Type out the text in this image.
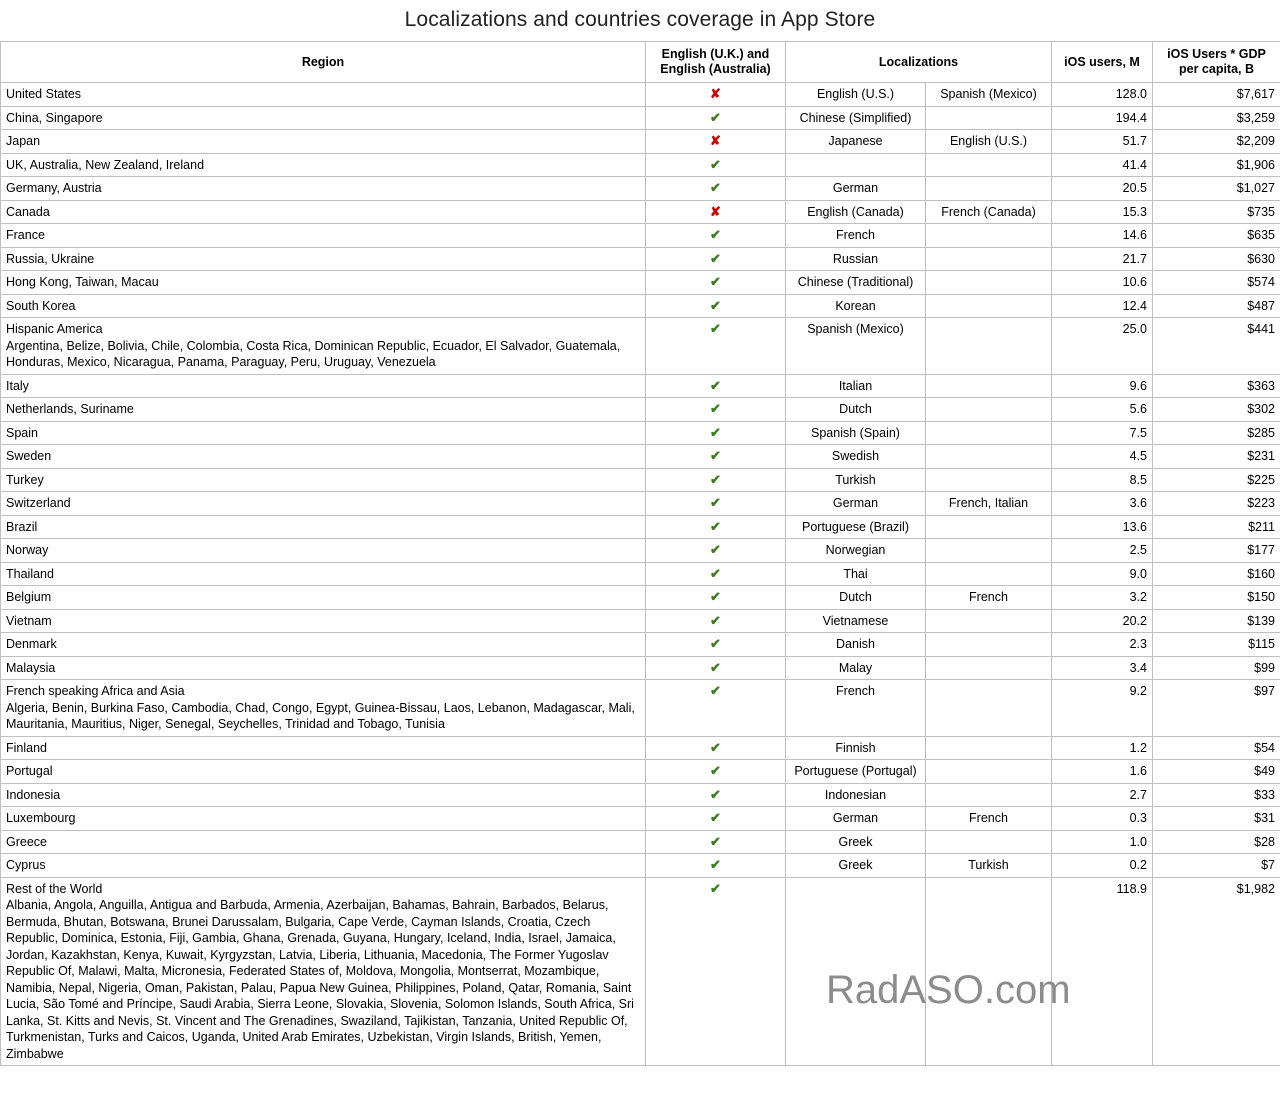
Localizations and countries coverage in App Store
Region	English (U.K.) and English (Australia)	Localizations		iOS users, M	iOS Users * GDP per capita, B

United States	✘	English (U.S.)	Spanish (Mexico)	128.0	$7,617

China, Singapore	✔	Chinese (Simplified)		194.4	$3,259

Japan	✘	Japanese	English (U.S.)	51.7	$2,209

UK, Australia, New Zealand, Ireland	✔			41.4	$1,906

Germany, Austria	✔	German		20.5	$1,027

Canada	✘	English (Canada)	French (Canada)	15.3	$735

France	✔	French		14.6	$635

Russia, Ukraine	✔	Russian		21.7	$630

Hong Kong, Taiwan, Macau	✔	Chinese (Traditional)		10.6	$574

South Korea	✔	Korean		12.4	$487

Hispanic America
Argentina, Belize, Bolivia, Chile, Colombia, Costa Rica, Dominican Republic, Ecuador, El Salvador, Guatemala, Honduras, Mexico, Nicaragua, Panama, Paraguay, Peru, Uruguay, Venezuela	✔	Spanish (Mexico)		25.0	$441

Italy	✔	Italian		9.6	$363

Netherlands, Suriname	✔	Dutch		5.6	$302

Spain	✔	Spanish (Spain)		7.5	$285

Sweden	✔	Swedish		4.5	$231

Turkey	✔	Turkish		8.5	$225

Switzerland	✔	German	French, Italian	3.6	$223

Brazil	✔	Portuguese (Brazil)		13.6	$211

Norway	✔	Norwegian		2.5	$177

Thailand	✔	Thai		9.0	$160

Belgium	✔	Dutch	French	3.2	$150

Vietnam	✔	Vietnamese		20.2	$139

Denmark	✔	Danish		2.3	$115

Malaysia	✔	Malay		3.4	$99

French speaking Africa and Asia
Algeria, Benin, Burkina Faso, Cambodia, Chad, Congo, Egypt, Guinea-Bissau, Laos, Lebanon, Madagascar, Mali, Mauritania, Mauritius, Niger, Senegal, Seychelles, Trinidad and Tobago, Tunisia	✔	French		9.2	$97

Finland	✔	Finnish		1.2	$54

Portugal	✔	Portuguese (Portugal)		1.6	$49

Indonesia	✔	Indonesian		2.7	$33

Luxembourg	✔	German	French	0.3	$31

Greece	✔	Greek		1.0	$28

Cyprus	✔	Greek	Turkish	0.2	$7

Rest of the World
Albania, Angola, Anguilla, Antigua and Barbuda, Armenia, Azerbaijan, Bahamas, Bahrain, Barbados, Belarus, Bermuda, Bhutan, Botswana, Brunei Darussalam, Bulgaria, Cape Verde, Cayman Islands, Croatia, Czech Republic, Dominica, Estonia, Fiji, Gambia, Ghana, Grenada, Guyana, Hungary, Iceland, India, Israel, Jamaica, Jordan, Kazakhstan, Kenya, Kuwait, Kyrgyzstan, Latvia, Liberia, Lithuania, Macedonia, The Former Yugoslav Republic Of, Malawi, Malta, Micronesia, Federated States of, Moldova, Mongolia, Montserrat, Mozambique, Namibia, Nepal, Nigeria, Oman, Pakistan, Palau, Papua New Guinea, Philippines, Poland, Qatar, Romania, Saint Lucia, São Tomé and Príncipe, Saudi Arabia, Sierra Leone, Slovakia, Slovenia, Solomon Islands, South Africa, Sri Lanka, St. Kitts and Nevis, St. Vincent and The Grenadines, Swaziland, Tajikistan, Tanzania, United Republic Of, Turkmenistan, Turks and Caicos, Uganda, United Arab Emirates, Uzbekistan, Virgin Islands, British, Yemen, Zimbabwe	✔			118.9	$1,982
RadASO.com
